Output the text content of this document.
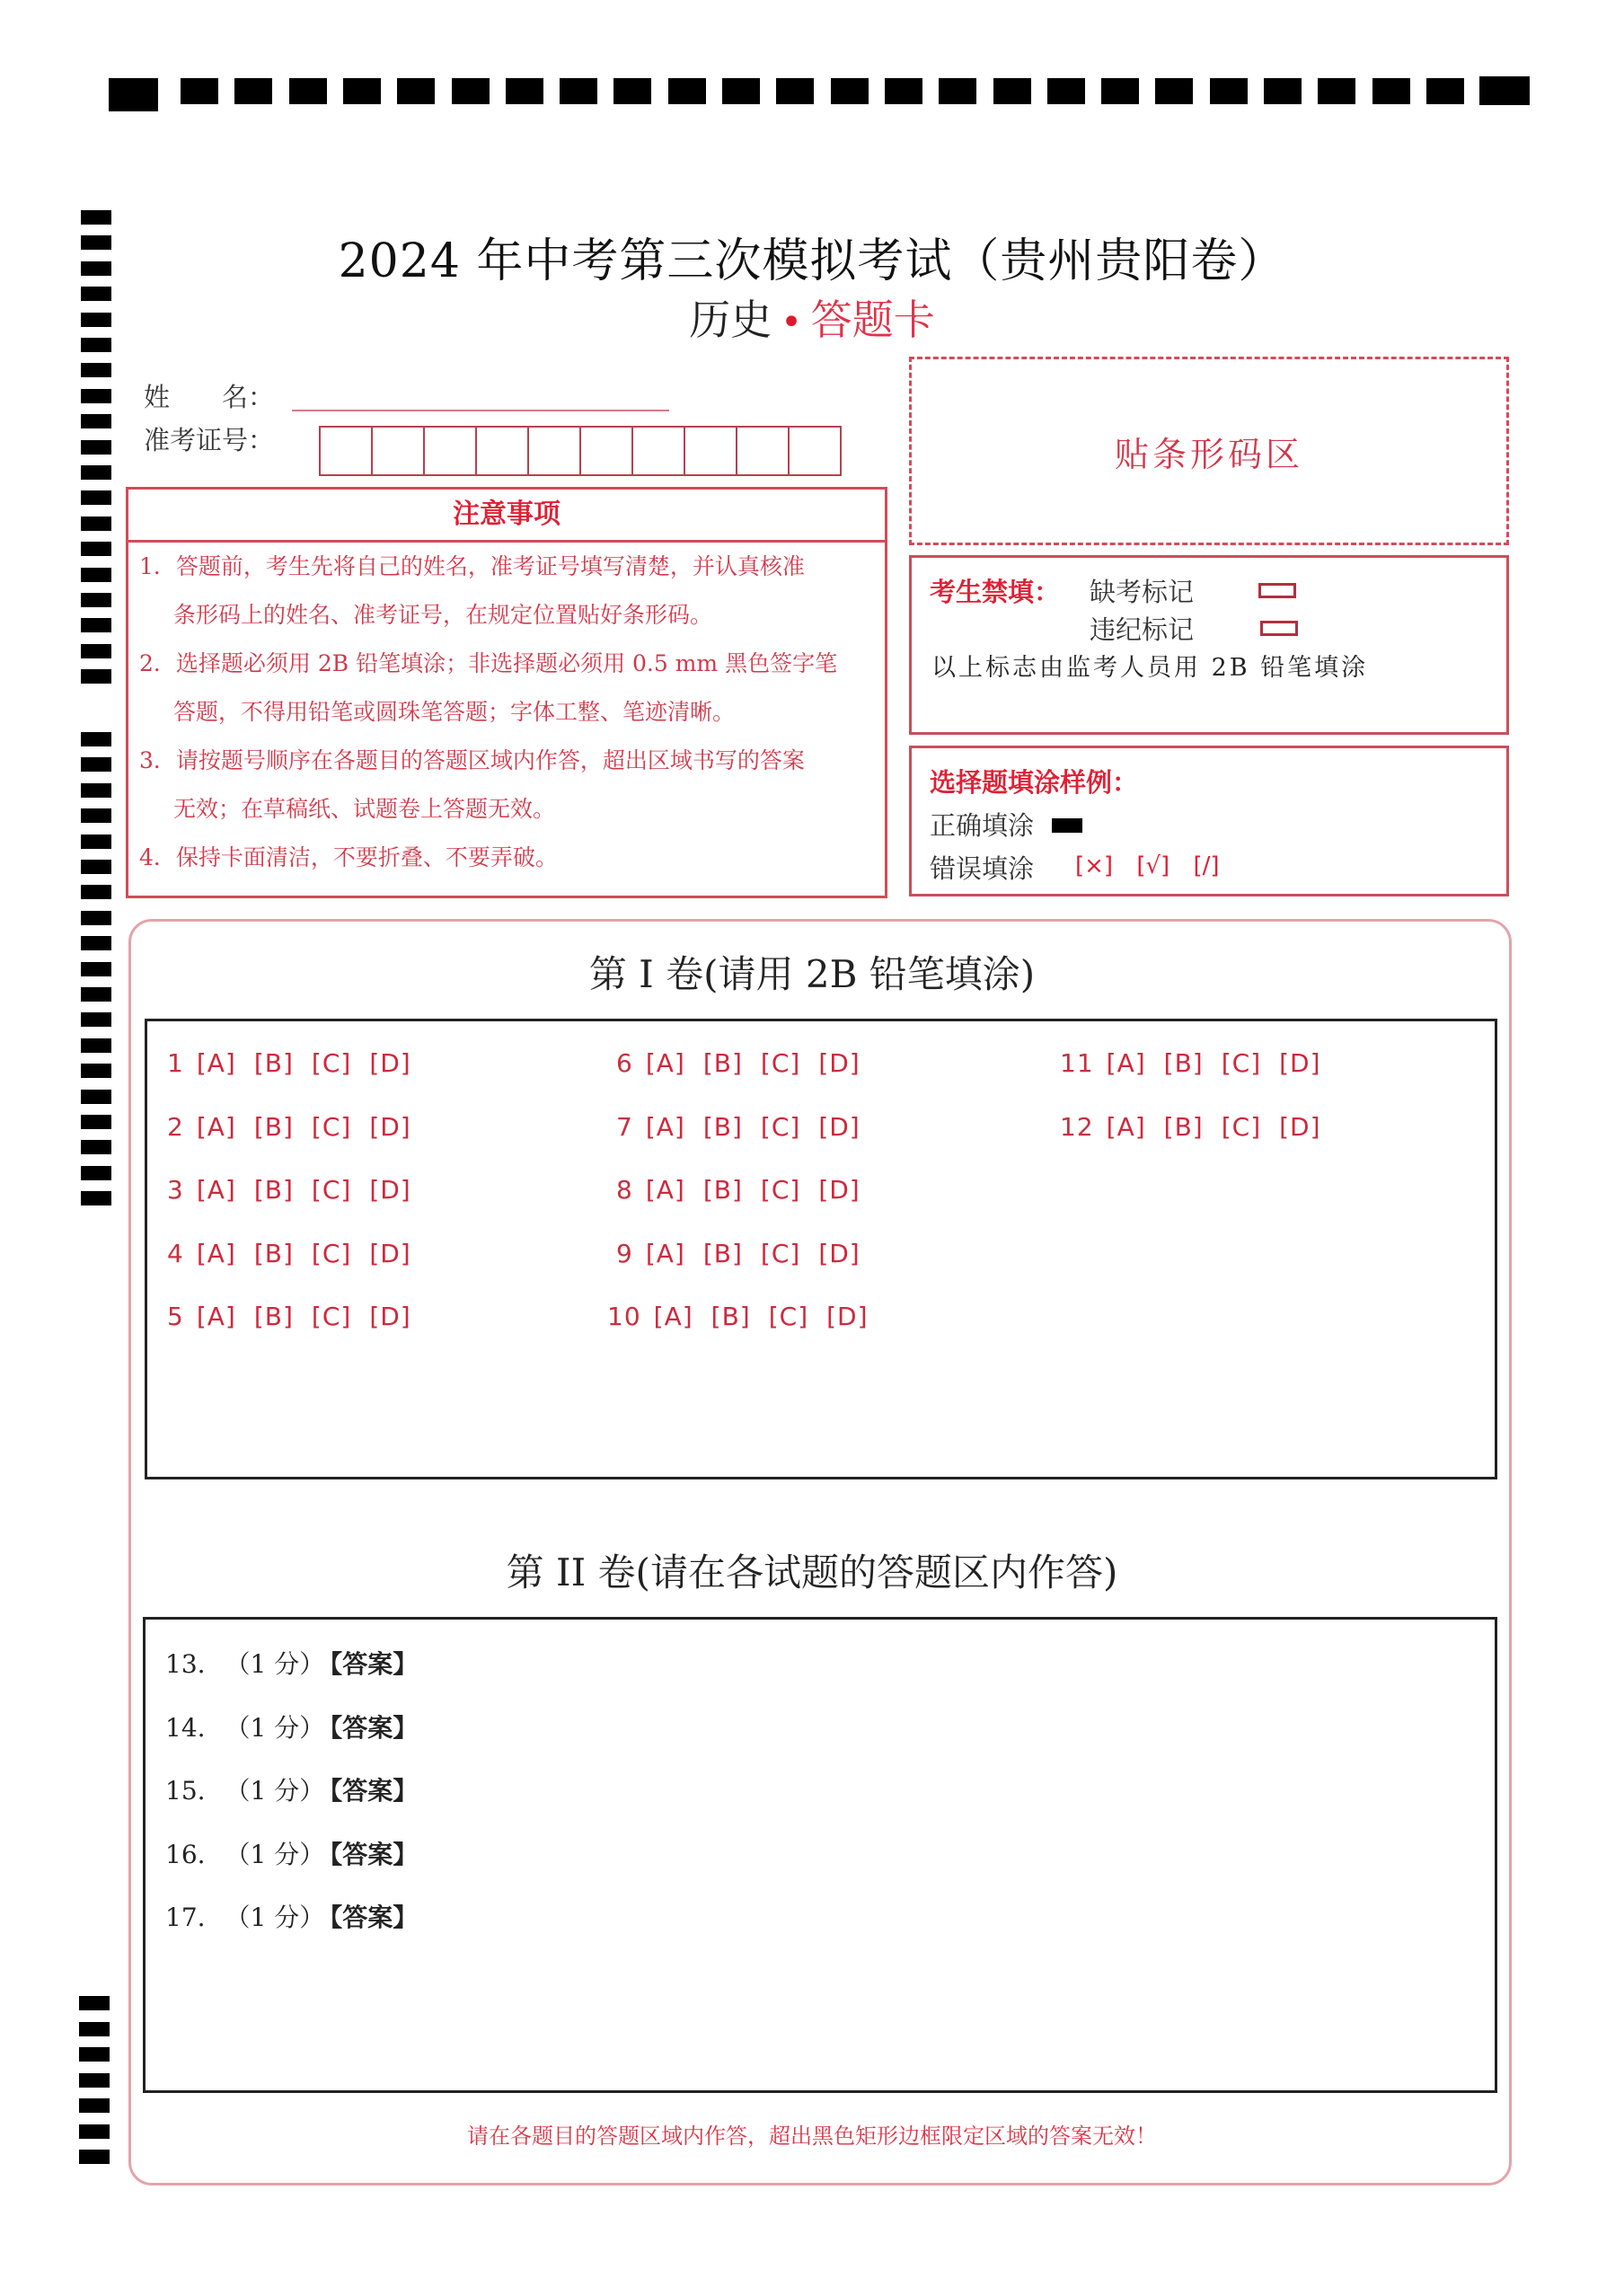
2024 年中考第三次模拟考试（贵州贵阳卷）
历史 • 答题卡
姓　　名：
准考证号：
注意事项
1．答题前，考生先将自己的姓名，准考证号填写清楚，并认真核准
条形码上的姓名、准考证号，在规定位置贴好条形码。
2．选择题必须用 2B 铅笔填涂；非选择题必须用 0.5 mm 黑色签字笔
答题，不得用铅笔或圆珠笔答题；字体工整、笔迹清晰。
3．请按题号顺序在各题目的答题区域内作答，超出区域书写的答案
无效；在草稿纸、试题卷上答题无效。
4．保持卡面清洁，不要折叠、不要弄破。
贴条形码区
考生禁填： 缺考标记
违纪标记
以上标志由监考人员用 2B 铅笔填涂
选择题填涂样例：
正确填涂
错误填涂 [×] [√] [/]
第 I 卷(请用 2B 铅笔填涂)
1 [A] [B] [C] [D]
2 [A] [B] [C] [D]
3 [A] [B] [C] [D]
4 [A] [B] [C] [D]
5 [A] [B] [C] [D]
6 [A] [B] [C] [D]
7 [A] [B] [C] [D]
8 [A] [B] [C] [D]
9 [A] [B] [C] [D]
10 [A] [B] [C] [D]
11 [A] [B] [C] [D]
12 [A] [B] [C] [D]
第 II 卷(请在各试题的答题区内作答)
13. （1 分） 【答案】
14. （1 分） 【答案】
15. （1 分） 【答案】
16. （1 分） 【答案】
17. （1 分） 【答案】
请在各题目的答题区域内作答，超出黑色矩形边框限定区域的答案无效！
